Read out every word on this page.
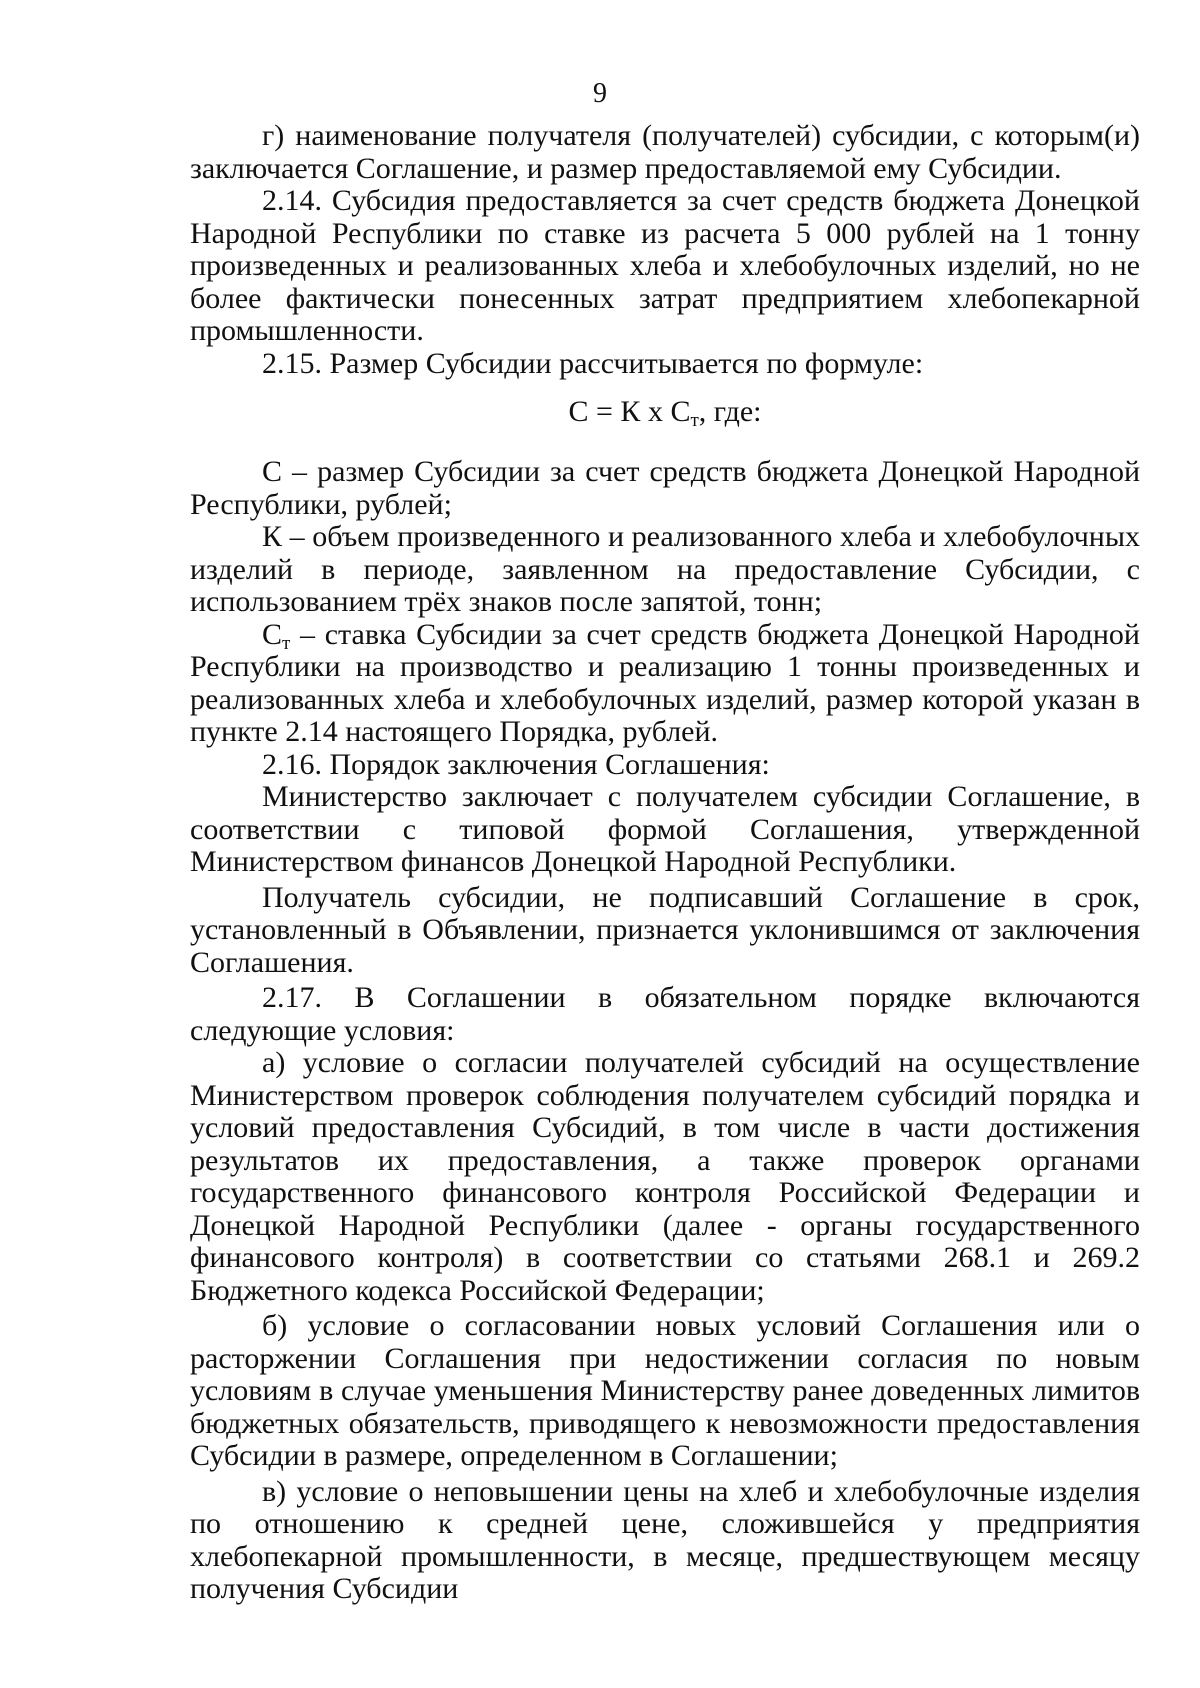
9

г) наименование получателя (получателей) субсидии, с которым(и) заключается Соглашение, и размер предоставляемой ему Субсидии.

2.14. Субсидия предоставляется за счет средств бюджета Донецкой Народной Республики по ставке из расчета 5 000 рублей на 1 тонну произведенных и реализованных хлеба и хлебобулочных изделий, но не более фактически понесенных затрат предприятием хлебопекарной промышленности.

2.15. Размер Субсидии рассчитывается по формуле:

С = К х $С_т$, где:

С – размер Субсидии за счет средств бюджета Донецкой Народной Республики, рублей;

К – объем произведенного и реализованного хлеба и хлебобулочных изделий в периоде, заявленном на предоставление Субсидии, с использованием трёх знаков после запятой, тонн;

$С_т$ – ставка Субсидии за счет средств бюджета Донецкой Народной Республики на производство и реализацию 1 тонны произведенных и реализованных хлеба и хлебобулочных изделий, размер которой указан в пункте 2.14 настоящего Порядка, рублей.

2.16. Порядок заключения Соглашения:

Министерство заключает с получателем субсидии Соглашение, в соответствии с типовой формой Соглашения, утвержденной Министерством финансов Донецкой Народной Республики.

Получатель субсидии, не подписавший Соглашение в срок, установленный в Объявлении, признается уклонившимся от заключения Соглашения.

2.17. В Соглашении в обязательном порядке включаются следующие условия:

а) условие о согласии получателей субсидий на осуществление Министерством проверок соблюдения получателем субсидий порядка и условий предоставления Субсидий, в том числе в части достижения результатов их предоставления, а также проверок органами государственного финансового контроля Российской Федерации и Донецкой Народной Республики (далее - органы государственного финансового контроля) в соответствии со статьями 268.1 и 269.2 Бюджетного кодекса Российской Федерации;

б) условие о согласовании новых условий Соглашения или о расторжении Соглашения при недостижении согласия по новым условиям в случае уменьшения Министерству ранее доведенных лимитов бюджетных обязательств, приводящего к невозможности предоставления Субсидии в размере, определенном в Соглашении;

в) условие о неповышении цены на хлеб и хлебобулочные изделия по отношению к средней цене, сложившейся у предприятия хлебопекарной промышленности, в месяце, предшествующем месяцу получения Субсидии
